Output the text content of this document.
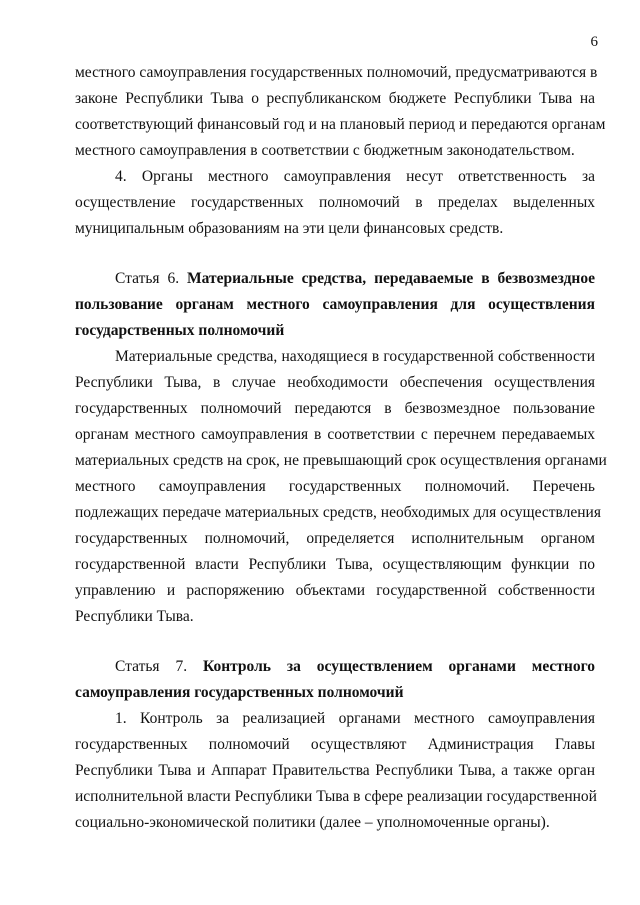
6
местного самоуправления государственных полномочий, предусматриваются в
законе Республики Тыва о республиканском бюджете Республики Тыва на
соответствующий финансовый год и на плановый период и передаются органам
местного самоуправления в соответствии с бюджетным законодательством.
4. Органы местного самоуправления несут ответственность за
осуществление государственных полномочий в пределах выделенных
муниципальным образованиям на эти цели финансовых средств.
Статья 6. Материальные средства, передаваемые в безвозмездное
пользование органам местного самоуправления для осуществления
государственных полномочий
Материальные средства, находящиеся в государственной собственности
Республики Тыва, в случае необходимости обеспечения осуществления
государственных полномочий передаются в безвозмездное пользование
органам местного самоуправления в соответствии с перечнем передаваемых
материальных средств на срок, не превышающий срок осуществления органами
местного самоуправления государственных полномочий. Перечень
подлежащих передаче материальных средств, необходимых для осуществления
государственных полномочий, определяется исполнительным органом
государственной власти Республики Тыва, осуществляющим функции по
управлению и распоряжению объектами государственной собственности
Республики Тыва.
Статья 7. Контроль за осуществлением органами местного
самоуправления государственных полномочий
1. Контроль за реализацией органами местного самоуправления
государственных полномочий осуществляют Администрация Главы
Республики Тыва и Аппарат Правительства Республики Тыва, а также орган
исполнительной власти Республики Тыва в сфере реализации государственной
социально-экономической политики (далее – уполномоченные органы).
